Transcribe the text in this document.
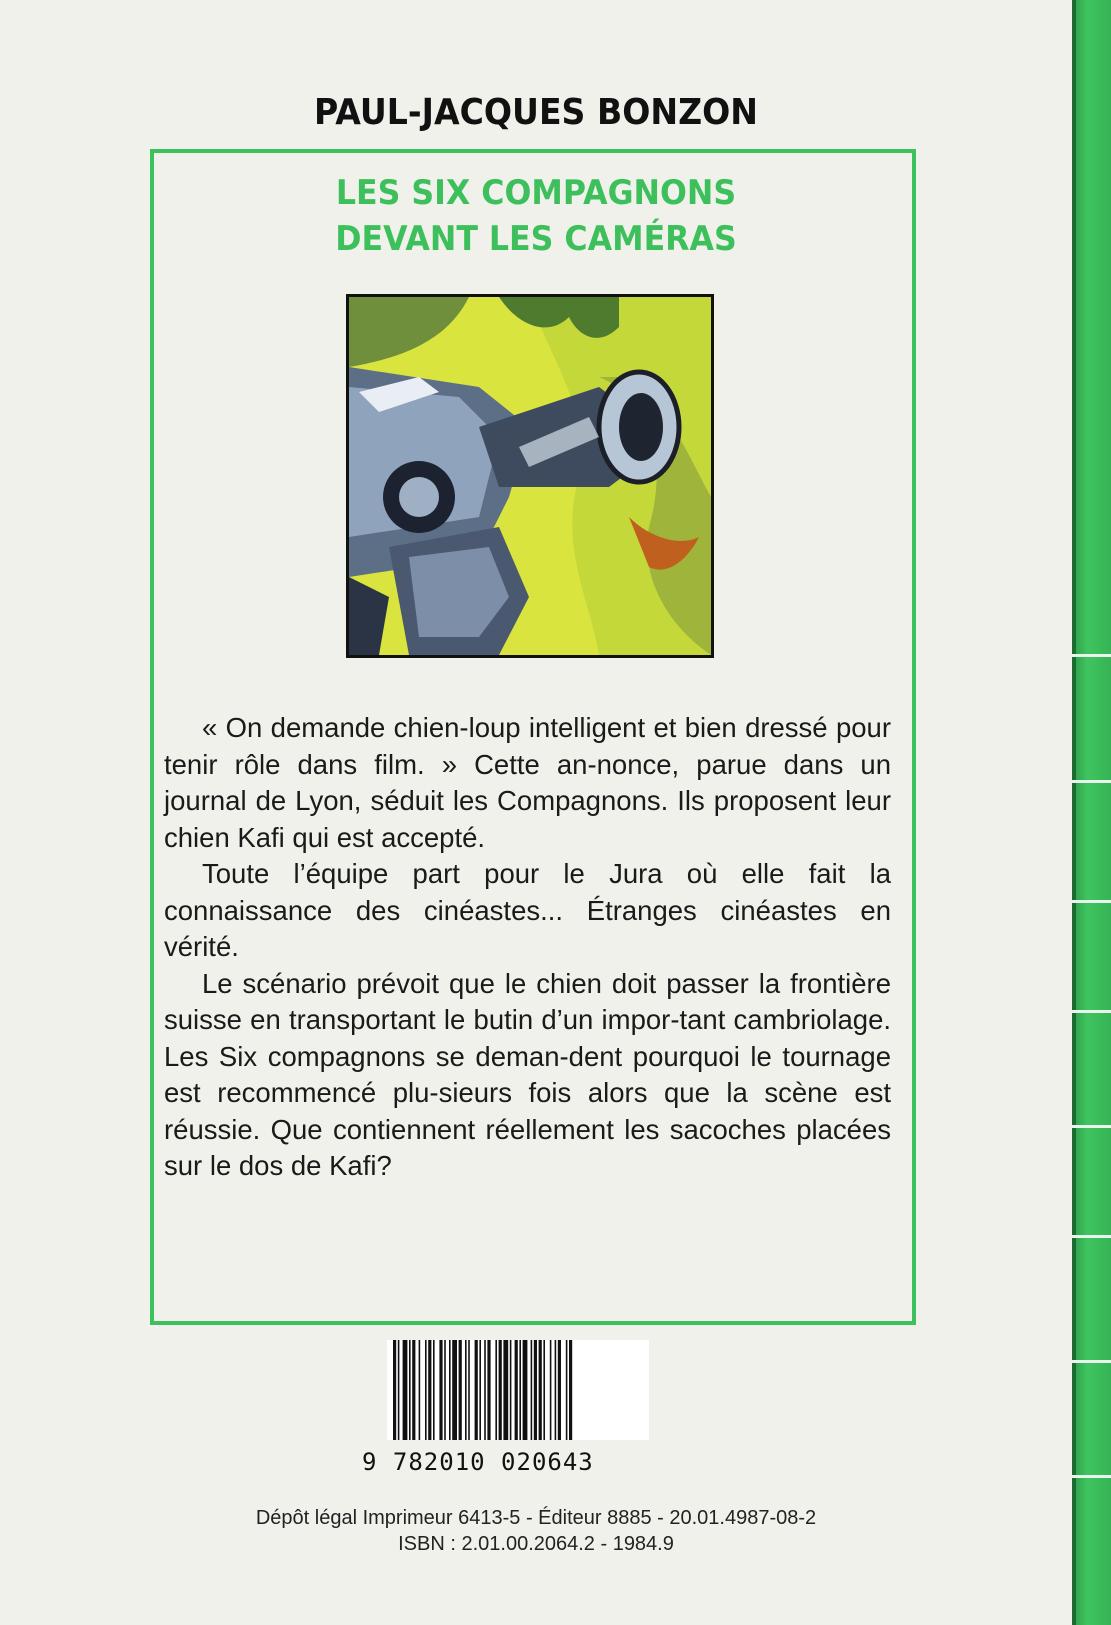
PAUL-JACQUES BONZON
LES SIX COMPAGNONS
DEVANT LES CAMÉRAS

« On demande chien-loup intelligent et bien dressé pour tenir rôle dans film. » Cette an-nonce, parue dans un journal de Lyon, séduit les Compagnons. Ils proposent leur chien Kafi qui est accepté.

Toute l’équipe part pour le Jura où elle fait la connaissance des cinéastes... Étranges cinéastes en vérité.

Le scénario prévoit que le chien doit passer la frontière suisse en transportant le butin d’un impor-tant cambriolage. Les Six compagnons se deman-dent pourquoi le tournage est recommencé plu-sieurs fois alors que la scène est réussie. Que contiennent réellement les sacoches placées sur le dos de Kafi?

9 782010 020643
Dépôt légal Imprimeur 6413-5 - Éditeur 8885 - 20.01.4987-08-2
ISBN : 2.01.00.2064.2 - 1984.9
